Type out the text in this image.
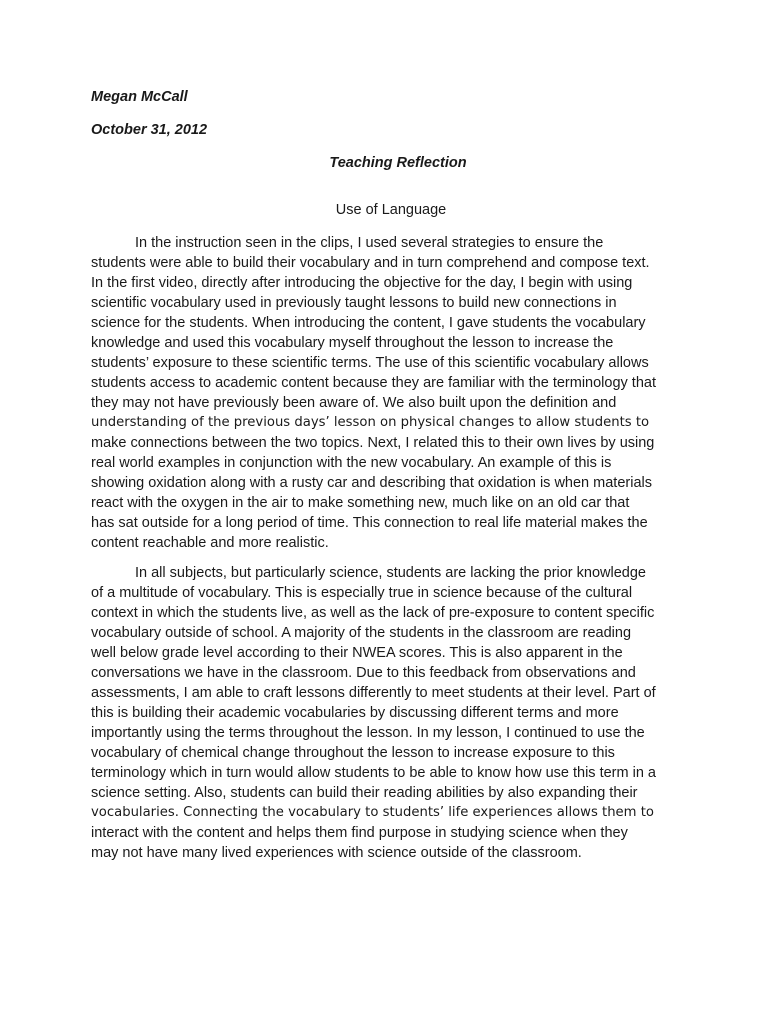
Megan McCall
October 31, 2012
Teaching Reflection
Use of Language
In the instruction seen in the clips, I used several strategies to ensure the
students were able to build their vocabulary and in turn comprehend and compose text.
In the first video, directly after introducing the objective for the day, I begin with using
scientific vocabulary used in previously taught lessons to build new connections in
science for the students. When introducing the content, I gave students the vocabulary
knowledge and used this vocabulary myself throughout the lesson to increase the
students’ exposure to these scientific terms. The use of this scientific vocabulary allows
students access to academic content because they are familiar with the terminology that
they may not have previously been aware of. We also built upon the definition and
understanding of the previous days’ lesson on physical changes to allow students to
make connections between the two topics. Next, I related this to their own lives by using
real world examples in conjunction with the new vocabulary. An example of this is
showing oxidation along with a rusty car and describing that oxidation is when materials
react with the oxygen in the air to make something new, much like on an old car that
has sat outside for a long period of time. This connection to real life material makes the
content reachable and more realistic.
In all subjects, but particularly science, students are lacking the prior knowledge
of a multitude of vocabulary. This is especially true in science because of the cultural
context in which the students live, as well as the lack of pre-exposure to content specific
vocabulary outside of school. A majority of the students in the classroom are reading
well below grade level according to their NWEA scores. This is also apparent in the
conversations we have in the classroom. Due to this feedback from observations and
assessments, I am able to craft lessons differently to meet students at their level. Part of
this is building their academic vocabularies by discussing different terms and more
importantly using the terms throughout the lesson. In my lesson, I continued to use the
vocabulary of chemical change throughout the lesson to increase exposure to this
terminology which in turn would allow students to be able to know how use this term in a
science setting. Also, students can build their reading abilities by also expanding their
vocabularies. Connecting the vocabulary to students’ life experiences allows them to
interact with the content and helps them find purpose in studying science when they
may not have many lived experiences with science outside of the classroom.
